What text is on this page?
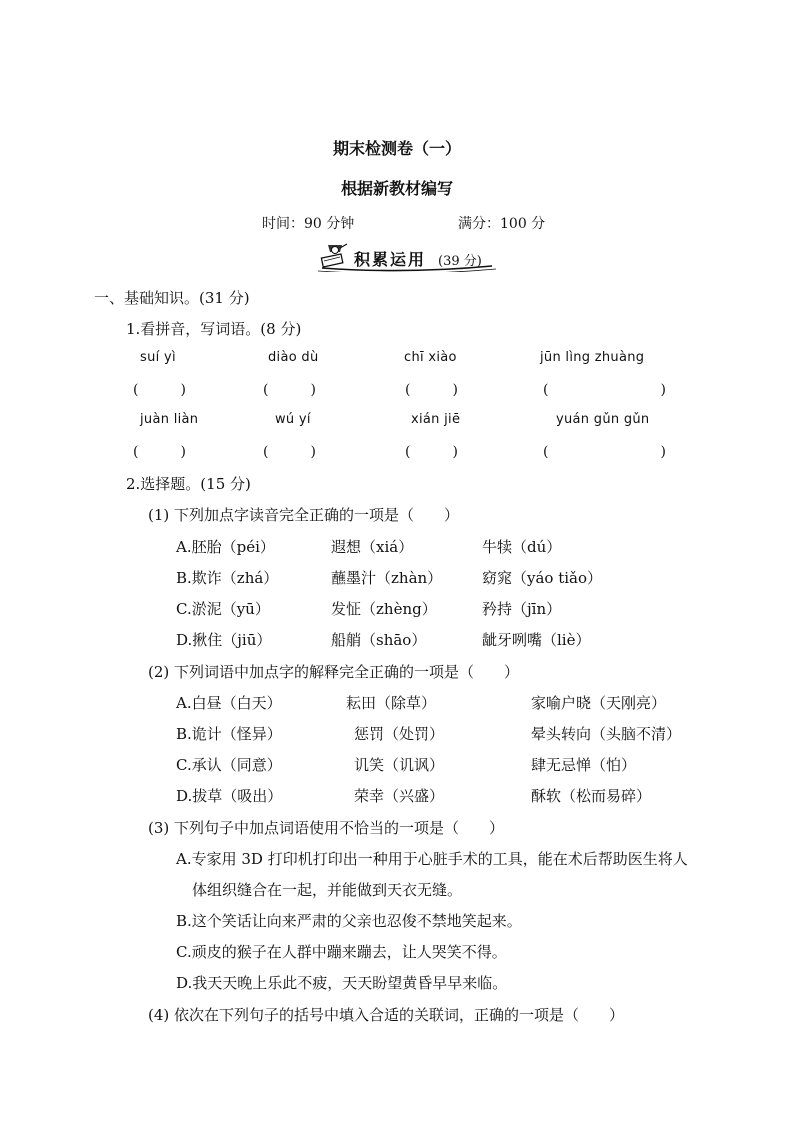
期末检测卷（一）
根据新教材编写
时间：90 分钟	满分：100 分
积累运用 (39 分)
一、基础知识。(31 分)
1.看拼音，写词语。(8 分)
suí yì	diào dù	chī xiào	jūn lìng zhuàng
(　　　)	(　　　)	(　　　)	(　　　　　　　　)
juàn liàn	wú yí	xián jiē	yuán gǔn gǔn
(　　　)	(　　　)	(　　　)	(　　　　　　　　)
2.选择题。(15 分)
(1) 下列加点字读音完全正确的一项是（　　）
A.胚胎（péi）	遐想（xiá）	牛犊（dú）
B.欺诈（zhá）	蘸墨汁（zhàn）	窈窕（yáo tiǎo）
C.淤泥（yū）	发怔（zhèng）	矜持（jīn）
D.揪住（jiū）	船艄（shāo）	龇牙咧嘴（liè）
(2) 下列词语中加点字的解释完全正确的一项是（　　）
A.白昼（白天）	耘田（除草）	家喻户晓（天刚亮）
B.诡计（怪异）	惩罚（处罚）	晕头转向（头脑不清）
C.承认（同意）	讥笑（讥讽）	肆无忌惮（怕）
D.拔草（吸出）	荣幸（兴盛）	酥软（松而易碎）
(3) 下列句子中加点词语使用不恰当的一项是（　　）
A.专家用 3D 打印机打印出一种用于心脏手术的工具，能在术后帮助医生将人
体组织缝合在一起，并能做到天衣无缝。
B.这个笑话让向来严肃的父亲也忍俊不禁地笑起来。
C.顽皮的猴子在人群中蹦来蹦去，让人哭笑不得。
D.我天天晚上乐此不疲，天天盼望黄昏早早来临。
(4) 依次在下列句子的括号中填入合适的关联词，正确的一项是（　　）
